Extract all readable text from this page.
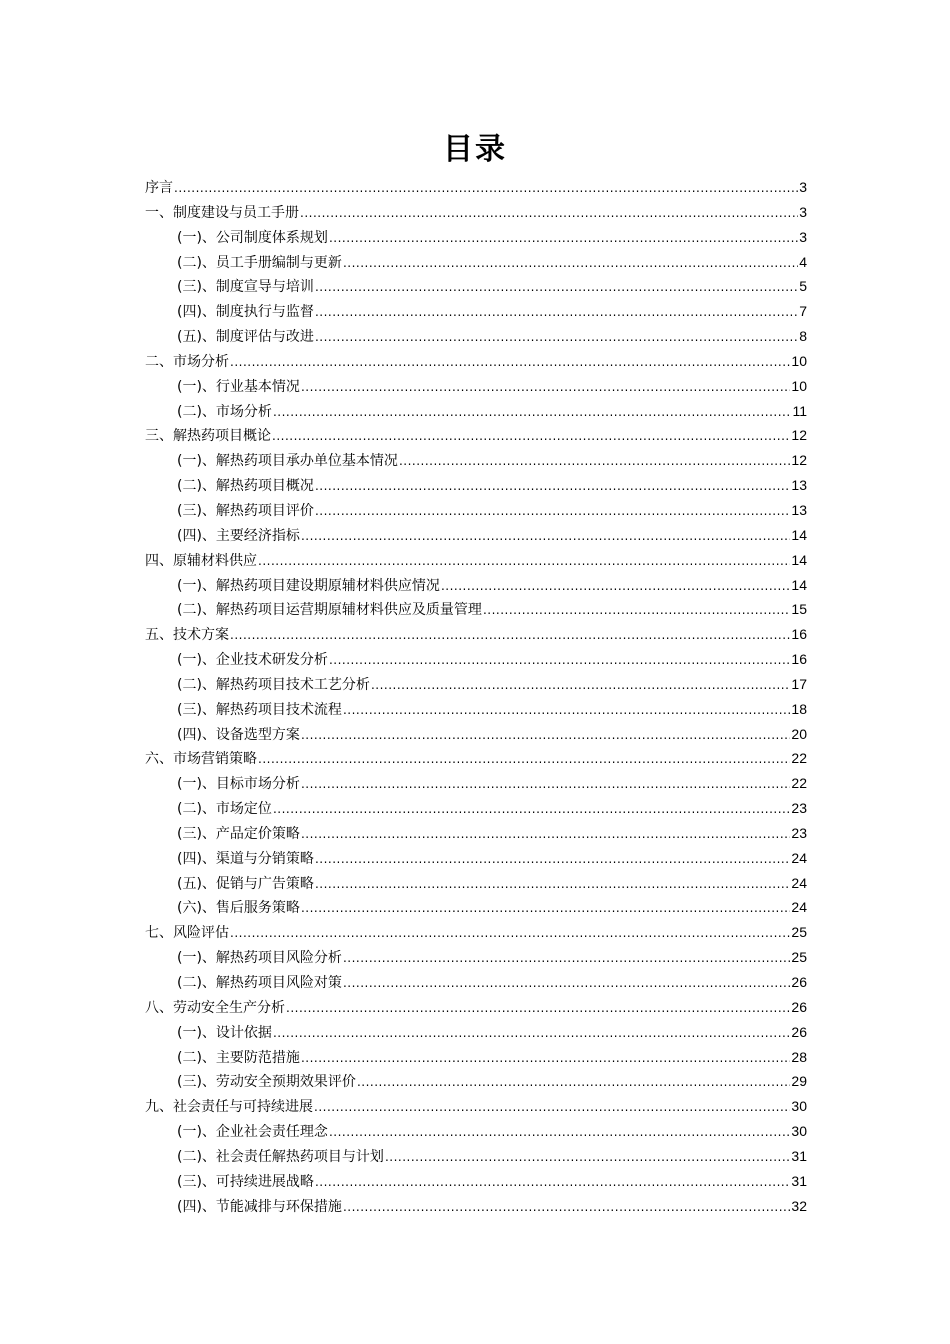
目录
序言 .....	3
一、制度建设与员工手册 .....	3
(一)、公司制度体系规划 .....	3
(二)、员工手册编制与更新 .....	4
(三)、制度宣导与培训 .....	5
(四)、制度执行与监督 .....	7
(五)、制度评估与改进 .....	8
二、市场分析 .....	10
(一)、行业基本情况 .....	10
(二)、市场分析 .....	11
三、解热药项目概论 .....	12
(一)、解热药项目承办单位基本情况 .....	12
(二)、解热药项目概况 .....	13
(三)、解热药项目评价 .....	13
(四)、主要经济指标 .....	14
四、原辅材料供应 .....	14
(一)、解热药项目建设期原辅材料供应情况 .....	14
(二)、解热药项目运营期原辅材料供应及质量管理 .....	15
五、技术方案 .....	16
(一)、企业技术研发分析 .....	16
(二)、解热药项目技术工艺分析 .....	17
(三)、解热药项目技术流程 .....	18
(四)、设备选型方案 .....	20
六、市场营销策略 .....	22
(一)、目标市场分析 .....	22
(二)、市场定位 .....	23
(三)、产品定价策略 .....	23
(四)、渠道与分销策略 .....	24
(五)、促销与广告策略 .....	24
(六)、售后服务策略 .....	24
七、风险评估 .....	25
(一)、解热药项目风险分析 .....	25
(二)、解热药项目风险对策 .....	26
八、劳动安全生产分析 .....	26
(一)、设计依据 .....	26
(二)、主要防范措施 .....	28
(三)、劳动安全预期效果评价 .....	29
九、社会责任与可持续进展 .....	30
(一)、企业社会责任理念 .....	30
(二)、社会责任解热药项目与计划 .....	31
(三)、可持续进展战略 .....	31
(四)、节能减排与环保措施 .....	32
